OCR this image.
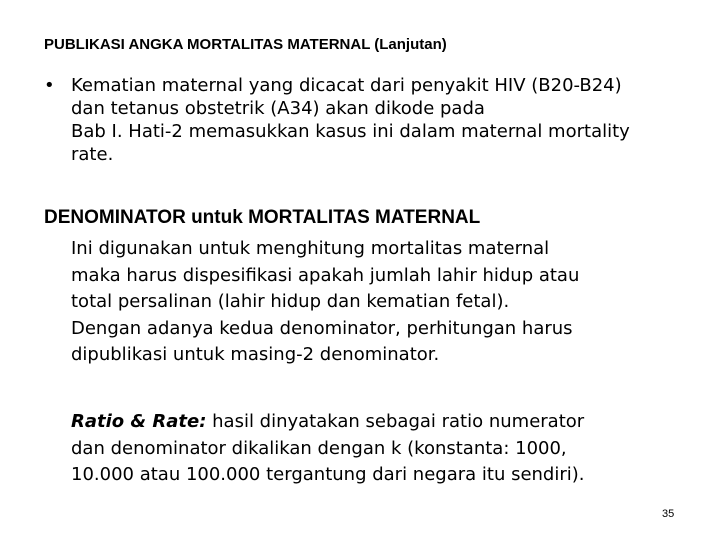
PUBLIKASI ANGKA MORTALITAS MATERNAL (Lanjutan)
• Kematian maternal yang dicacat dari penyakit HIV (B20-B24)
dan tetanus obstetrik (A34) akan dikode pada
Bab I. Hati-2 memasukkan kasus ini dalam maternal mortality
rate.
DENOMINATOR untuk MORTALITAS MATERNAL
Ini digunakan untuk menghitung mortalitas maternal
maka harus dispesifikasi apakah jumlah lahir hidup atau
total persalinan (lahir hidup dan kematian fetal).
Dengan adanya kedua denominator, perhitungan harus
dipublikasi untuk masing-2 denominator.
Ratio & Rate: hasil dinyatakan sebagai ratio numerator
dan denominator dikalikan dengan k (konstanta: 1000,
10.000 atau 100.000 tergantung dari negara itu sendiri).
35
